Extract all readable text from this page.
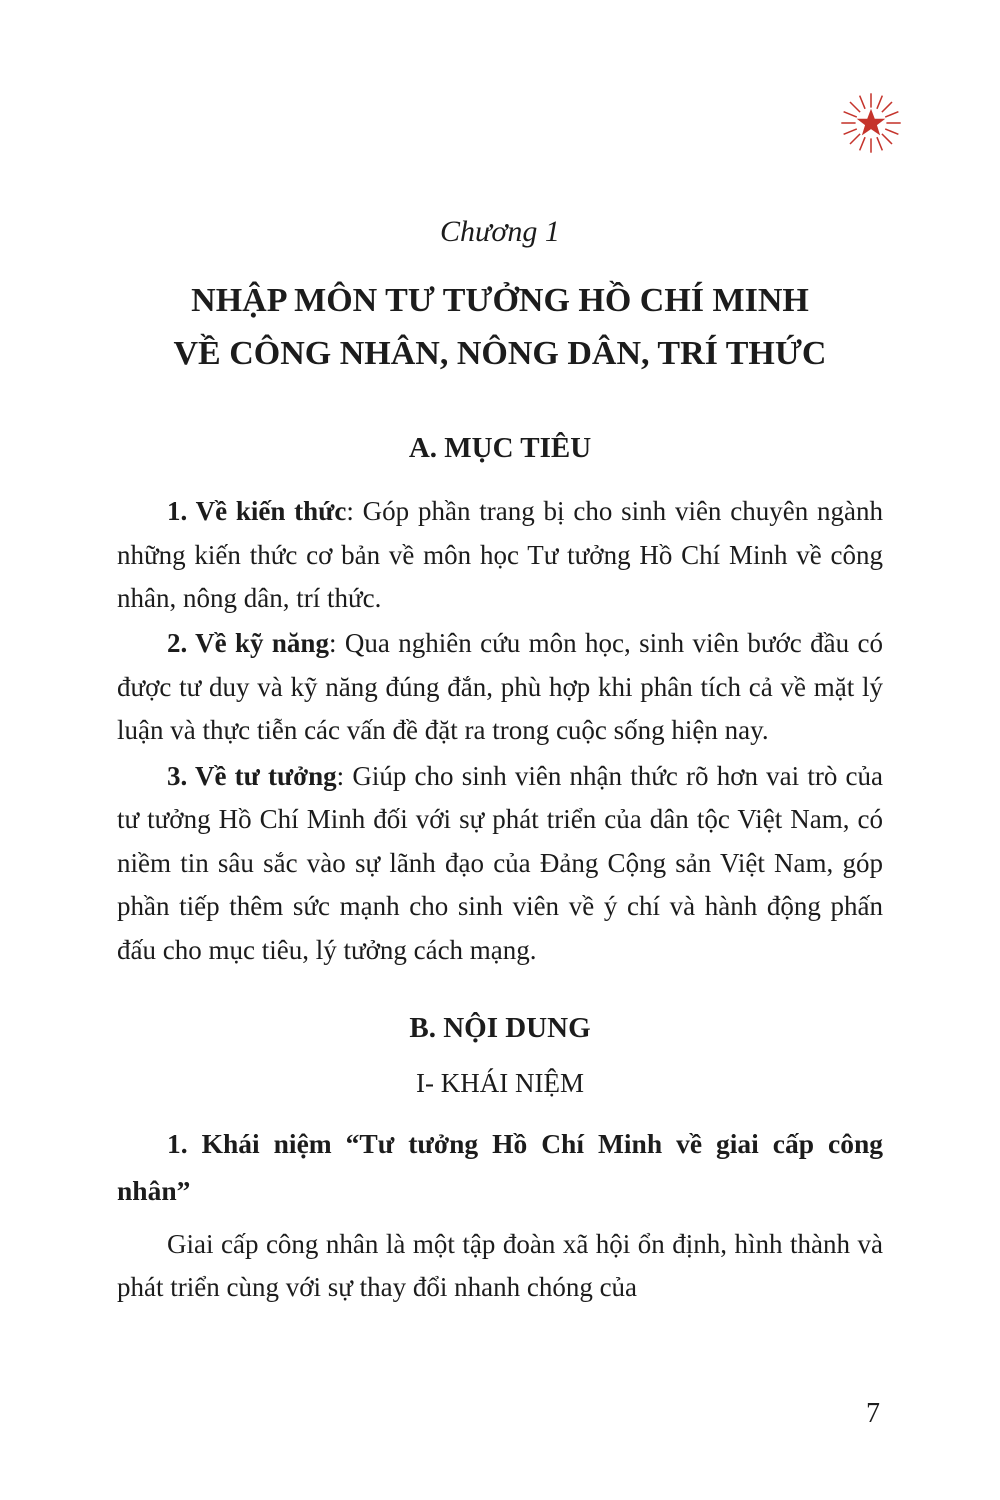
Chương 1

NHẬP MÔN TƯ TƯỞNG HỒ CHÍ MINH
VỀ CÔNG NHÂN, NÔNG DÂN, TRÍ THỨC
A. MỤC TIÊU

1. Về kiến thức: Góp phần trang bị cho sinh viên chuyên ngành những kiến thức cơ bản về môn học Tư tưởng Hồ Chí Minh về công nhân, nông dân, trí thức.

2. Về kỹ năng: Qua nghiên cứu môn học, sinh viên bước đầu có được tư duy và kỹ năng đúng đắn, phù hợp khi phân tích cả về mặt lý luận và thực tiễn các vấn đề đặt ra trong cuộc sống hiện nay.

3. Về tư tưởng: Giúp cho sinh viên nhận thức rõ hơn vai trò của tư tưởng Hồ Chí Minh đối với sự phát triển của dân tộc Việt Nam, có niềm tin sâu sắc vào sự lãnh đạo của Đảng Cộng sản Việt Nam, góp phần tiếp thêm sức mạnh cho sinh viên về ý chí và hành động phấn đấu cho mục tiêu, lý tưởng cách mạng.

B. NỘI DUNG
I- KHÁI NIỆM

1. Khái niệm “Tư tưởng Hồ Chí Minh về giai cấp công nhân”

Giai cấp công nhân là một tập đoàn xã hội ổn định, hình thành và phát triển cùng với sự thay đổi nhanh chóng của

7
